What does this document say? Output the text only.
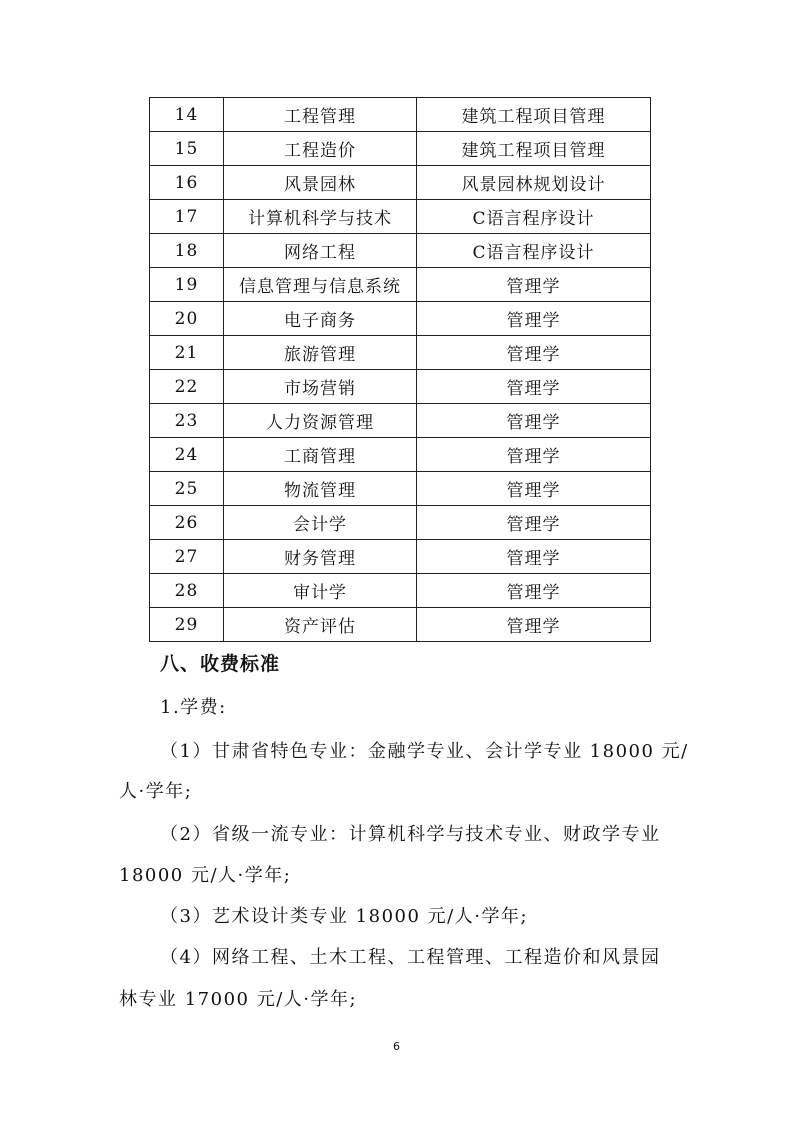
14	工程管理	建筑工程项目管理
15	工程造价	建筑工程项目管理
16	风景园林	风景园林规划设计
17	计算机科学与技术	C语言程序设计
18	网络工程	C语言程序设计
19	信息管理与信息系统	管理学
20	电子商务	管理学
21	旅游管理	管理学
22	市场营销	管理学
23	人力资源管理	管理学
24	工商管理	管理学
25	物流管理	管理学
26	会计学	管理学
27	财务管理	管理学
28	审计学	管理学
29	资产评估	管理学
八、收费标准
1.学费:
（1）甘肃省特色专业：金融学专业、会计学专业 18000 元/
人·学年;
（2）省级一流专业：计算机科学与技术专业、财政学专业
18000 元/人·学年;
（3）艺术设计类专业 18000 元/人·学年;
（4）网络工程、土木工程、工程管理、工程造价和风景园
林专业 17000 元/人·学年;
6
